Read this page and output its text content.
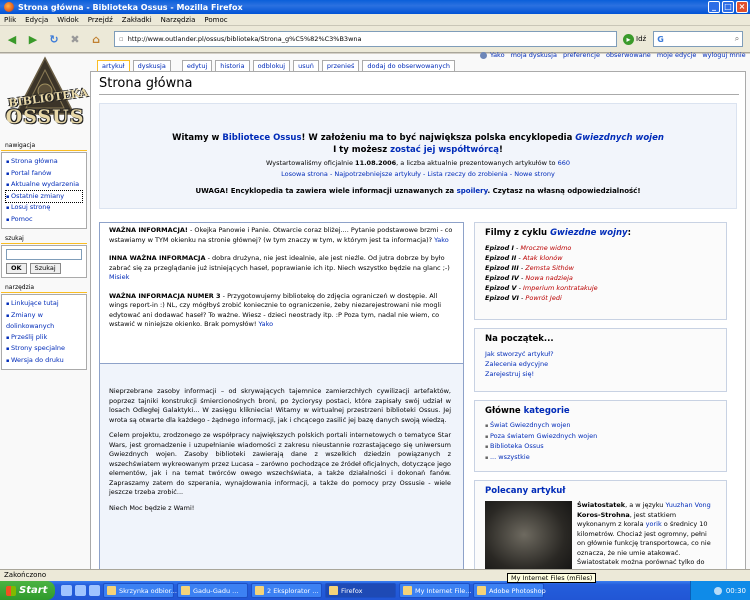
Strona główna - Biblioteka Ossus - Mozilla Firefox	_	□ ×
Plik Edycja Widok Przejdź Zakładki Narzędzia Pomoc
◀	▶	↻	✖	⌂	▫ http://www.outlander.pl/ossus/biblioteka/Strona_g%C5%82%C3%B3wna	▸ Idź G	⌕
BIBLIOTEKA
OSSUS
artykuł	dyskusja	edytuj	historia	odblokuj	usuń	przenieś	dodaj do obserwowanych
Yako moja dyskusja preferencje obserwowane moje edycje wyloguj mnie
Strona główna
Witamy w Bibliotece Ossus! W założeniu ma to być największa polska encyklopedia Gwiezdnych wojen
I ty możesz zostać jej współtwórcą!
Wystartowaliśmy oficjalnie 11.08.2006, a liczba aktualnie prezentowanych artykułów to 660
Losowa strona - Najpotrzebniejsze artykuły - Lista rzeczy do zrobienia - Nowe strony
UWAGA! Encyklopedia ta zawiera wiele informacji uznawanych za spoilery. Czytasz na własną odpowiedzialność!

WAŻNA INFORMACJA! - Okejka Panowie i Panie. Otwarcie coraz bliżej.... Pytanie podstawowe brzmi - co wstawiamy w TYM okienku na stronie głównej? (w tym znaczy w tym, w którym jest ta informacja)? Yako

INNA WAŻNA INFORMACJA - dobra drużyna, nie jest idealnie, ale jest nieźle. Od jutra dobrze by było zabrać się za przeglądanie już istniejących haseł, poprawianie ich itp. Niech wszystko będzie na glanc ;-) Misiek

WAŻNA INFORMACJA NUMER 3 - Przygotowujemy bibliotekę do zdjęcia ograniczeń w dostępie. All wings report-in :) NL, czy mógłbyś zrobić koniecznie to ograniczenie, żeby niezarejestrowani nie mogli edytować ani dodawać haseł? To ważne. Wiesz - dzieci neostrady itp. :P Poza tym, nadal nie wiem, co wstawić w niniejsze okienko. Brak pomysłów! Yako

Nieprzebrane zasoby informacji – od skrywających tajemnice zamierzchłych cywilizacji artefaktów, poprzez tajniki konstrukcji śmiercionośnych broni, po życiorysy postaci, które zapisały swój udział w losach Odległej Galaktyki... W zasięgu klikniecia! Witamy w wirtualnej przestrzeni biblioteki Ossus. Jej wrota są otwarte dla każdego - żądnego informacji, jak i chcącego zasilić jej bazę danych swoją wiedzą.

Celem projektu, zrodzonego ze współpracy największych polskich portali internetowych o tematyce Star Wars, jest gromadzenie i uzupełnianie wiadomości z zakresu nieustannie rozrastającego się uniwersum Gwiezdnych wojen. Zasoby biblioteki zawierają dane z wszelkich dziedzin powiązanych z wszechświatem wykreowanym przez Lucasa – zarówno pochodzące ze źródeł oficjalnych, dotyczące jego elementów, jak i na temat twórców owego wszechświata, a także działalności i dokonań fanów. Zapraszamy zatem do szperania, wynajdowania informacji, a także do pomocy przy Ossusie - wiele jeszcze trzeba zrobić...

Niech Moc będzie z Wami!

Filmy z cyklu Gwiezdne wojny:
Epizod I - Mroczne widmo
Epizod II - Atak klonów
Epizod III - Zemsta Sithów
Epizod IV - Nowa nadzieja
Epizod V - Imperium kontratakuje
Epizod VI - Powrót Jedi
Na początek...
Jak stworzyć artykuł?
Zalecenia edycyjne
Zarejestruj się!
Główne kategorie
▪ Świat Gwiezdnych wojen
▪ Poza światem Gwiezdnych wojen
▪ Biblioteka Ossus
▪ ... wszystkie
Polecany artykuł
Światostatek, a w języku Yuuzhan Vong Koros-Strohna, jest statkiem wykonanym z korala yorik o średnicy 10 kilometrów. Chociaż jest ogromny, pełni on głównie funkcję transportowca, co nie oznacza, że nie umie atakować. Światostatek można porównać tylko do
nawigacja
▪ Strona główna
▪ Portal fanów
▪ Aktualne wydarzenia
▪ Ostatnie zmiany
▪ Losuj stronę
▪ Pomoc
szukaj
OK	Szukaj
narzędzia
▪ Linkujące tutaj
▪ Zmiany w dolinkowanych
▪ Prześlij plik
▪ Strony specjalne
▪ Wersja do druku
Zakończono
Start	Skrzynka odbior... Gadu-Gadu ...	2 Eksplorator ...	Firefox	My Internet File...	Adobe Photoshop	00:30
My Internet Files (mFiles)
